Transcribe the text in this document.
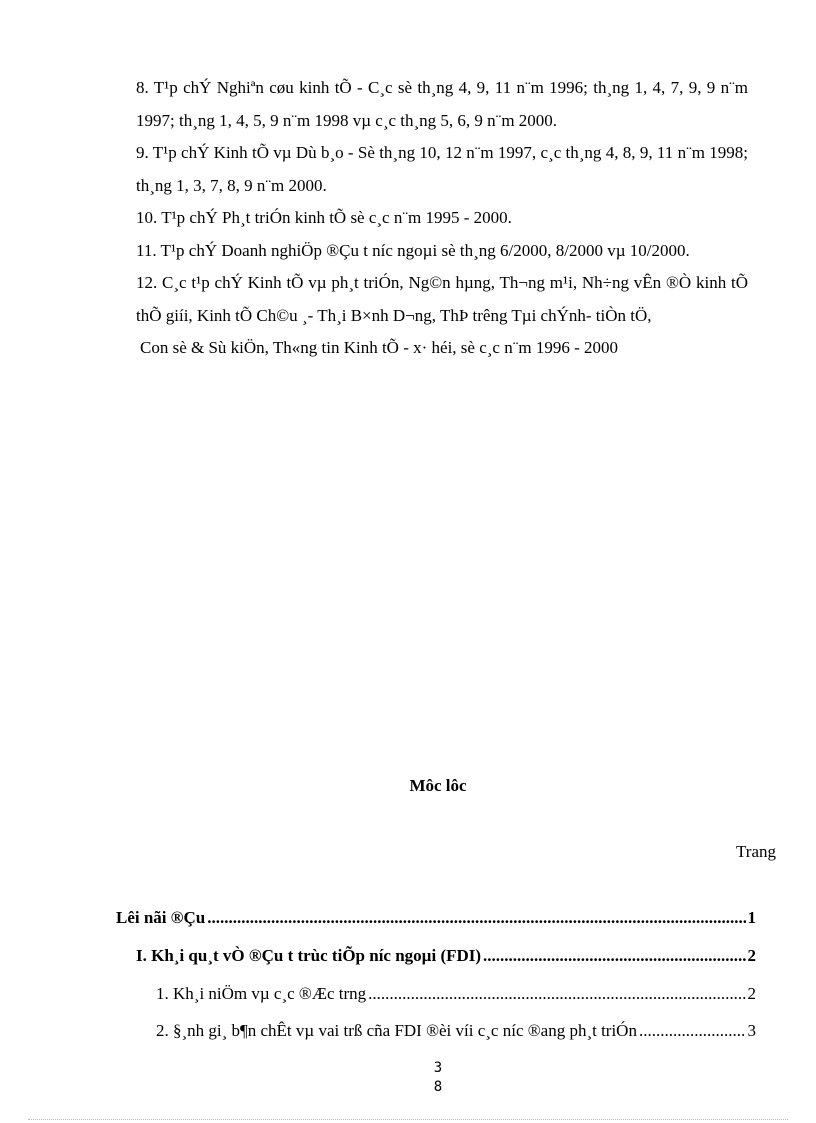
8. T¹p chÝ Nghiªn cøu kinh tÕ - C¸c sè th¸ng 4, 9, 11 n¨m 1996; th¸ng 1, 4, 7, 9, 9 n¨m 1997; th¸ng 1, 4, 5, 9 n¨m 1998 vµ c¸c th¸ng 5, 6, 9 n¨m 2000.

9. T¹p chÝ Kinh tÕ vµ Dù b¸o - Sè th¸ng 10, 12 n¨m 1997, c¸c th¸ng 4, 8, 9, 11 n¨m 1998; th¸ng 1, 3, 7, 8, 9 n¨m 2000.

10. T¹p chÝ Ph¸t triÓn kinh tÕ sè c¸c n¨m 1995 - 2000.

11. T¹p chÝ Doanh nghiÖp ®Çu t níc ngoµi sè th¸ng 6/2000, 8/2000 vµ 10/2000.

12. C¸c t¹p chÝ Kinh tÕ vµ ph¸t triÓn, Ng©n hµng, Th¬ng m¹i, Nh÷ng vÊn ®Ò kinh tÕ thÕ giíi, Kinh tÕ Ch©u ¸- Th¸i B×nh D¬ng, ThÞ trêng Tµi chÝnh- tiÒn tÖ,

Con sè & Sù kiÖn, Th«ng tin Kinh tÕ - x· héi, sè c¸c n¨m 1996 - 2000

Môc lôc
Trang
Lêi nãi ®Çu .....	1
I. Kh¸i qu¸t vÒ ®Çu t trùc tiÕp níc ngoµi (FDI) .....	2
1. Kh¸i niÖm vµ c¸c ®Æc trng .....	2
2. §¸nh gi¸ b¶n chÊt vµ vai trß cña FDI ®èi víi c¸c níc ®ang ph¸t triÓn .....	3
3
8
